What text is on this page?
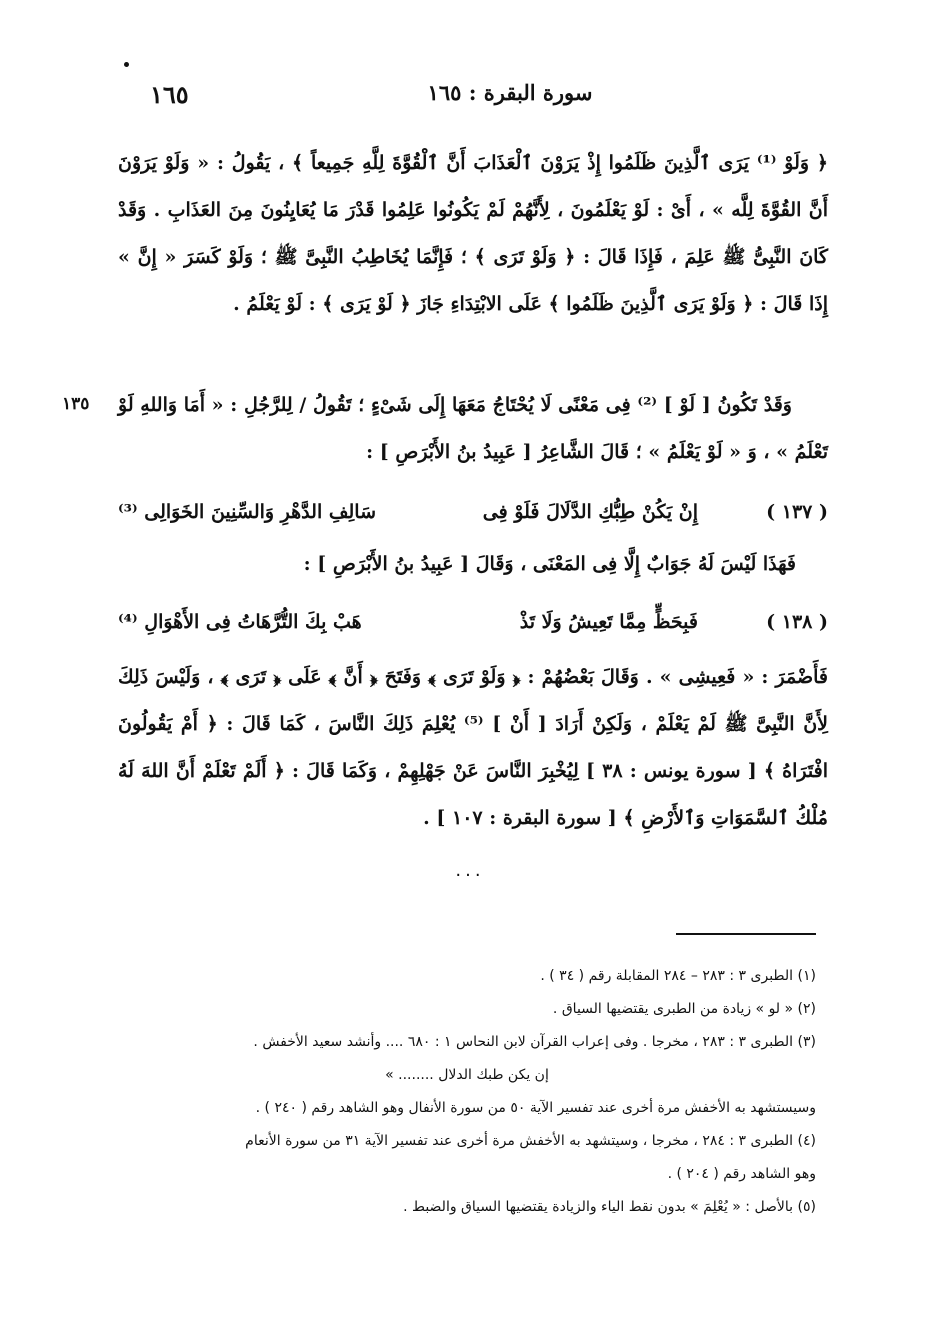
١٦٥	سورة البقرة : ١٦٥

﴿ وَلَوْ ⁽¹⁾ يَرَى ٱلَّذِينَ ظَلَمُوا إِذْ يَرَوْنَ ٱلْعَذَابَ أَنَّ ٱلْقُوَّةَ لِلَّهِ جَمِيعاً ﴾ ، يَقُولُ : « وَلَوْ يَرَوْنَ أَنَّ القُوَّةَ لِلَّه » ، أَىْ : لَوْ يَعْلَمُونَ ، لِأَنَّهُمْ لَمْ يَكُونُوا عَلِمُوا قَدْرَ مَا يُعَايِنُونَ مِنَ العَذَابِ . وَقَدْ كَانَ النَّبِىُّ ﷺ عَلِمَ ، فَإِذَا قَالَ : ﴿ وَلَوْ تَرَى ﴾ ؛ فَإِنَّمَا يُخَاطِبُ النَّبِىَّ ﷺ ؛ وَلَوْ كَسَرَ « إِنَّ » إِذَا قَالَ : ﴿ وَلَوْ يَرَى ٱلَّذِينَ ظَلَمُوا ﴾ عَلَى الابْتِدَاءِ جَازَ ﴿ لَوْ يَرَى ﴾ : لَوْ يَعْلَمُ .

١٣٥ وَقَدْ تَكُونُ [ لَوْ ] ⁽²⁾ فِى مَعْنًى لَا يُحْتَاجُ مَعَهَا إِلَى شَىْءٍ ؛ تَقُولُ / لِلرَّجُلِ : « أَمَا وَاللهِ لَوْ تَعْلَمُ » ، وَ « لَوْ يَعْلَمُ » ؛ قَالَ الشَّاعِرُ [ عَبِيدُ بنُ الأَبْرَصِ ] :

( ١٣٧ )
إِنْ يَكُنْ طِبُّكِ الدَّلَالَ فَلَوْ فِى
سَالِفِ الدَّهْرِ وَالسِّنِينَ الخَوَالِى ⁽³⁾
فَهَذَا لَيْسَ لَهُ جَوَابٌ إِلَّا فِى المَعْنَى ، وَقَالَ [ عَبِيدُ بنُ الأَبْرَصِ ] :
( ١٣٨ )
فَبِحَظٍّ مِمَّا تَعِيشُ وَلَا تَذْ
هَبْ بِكَ التُّرَّهَاتُ فِى الأَهْوَالِ ⁽⁴⁾

فَأَضْمَرَ : « فَعِيشِى » . وَقَالَ بَعْضُهُمْ : ﴿ وَلَوْ تَرَى ﴾ وَفَتَحَ ﴿ أَنَّ ﴾ عَلَى ﴿ تَرَى ﴾ ، وَلَيْسَ ذَلِكَ لِأَنَّ النَّبِىَّ ﷺ لَمْ يَعْلَمْ ، وَلَكِنْ أَرَادَ [ أَنْ ] ⁽⁵⁾ يُعْلِمَ ذَلِكَ النَّاسَ ، كَمَا قَالَ : ﴿ أَمْ يَقُولُونَ افْتَرَاهُ ﴾ [ سورة يونس : ٣٨ ] لِيُخْبِرَ النَّاسَ عَنْ جَهْلِهِمْ ، وَكَمَا قَالَ : ﴿ أَلَمْ تَعْلَمْ أَنَّ اللهَ لَهُ مُلْكُ ٱلسَّمَوَاتِ وَٱلأَرْضِ ﴾ [ سورة البقرة : ١٠٧ ] .

...

(١) الطبرى ٣ : ٢٨٣ – ٢٨٤ المقابلة رقم ( ٣٤ ) .

(٢) « لو » زيادة من الطبرى يقتضيها السياق .

(٣) الطبرى ٣ : ٢٨٣ ، مخرجا . وفى إعراب القرآن لابن النحاس ١ : ٦٨٠ .... وأنشد سعيد الأخفش .

إن يكن طبك الدلال ........ »

وسيستشهد به الأخفش مرة أخرى عند تفسير الآية ٥٠ من سورة الأنفال وهو الشاهد رقم ( ٢٤٠ ) .

(٤) الطبرى ٣ : ٢٨٤ ، مخرجا ، وسيتشهد به الأخفش مرة أخرى عند تفسير الآية ٣١ من سورة الأنعام

وهو الشاهد رقم ( ٢٠٤ ) .

(٥) بالأصل : « يُعْلِمَ » بدون نقط الياء والزيادة يقتضيها السياق والضبط .
